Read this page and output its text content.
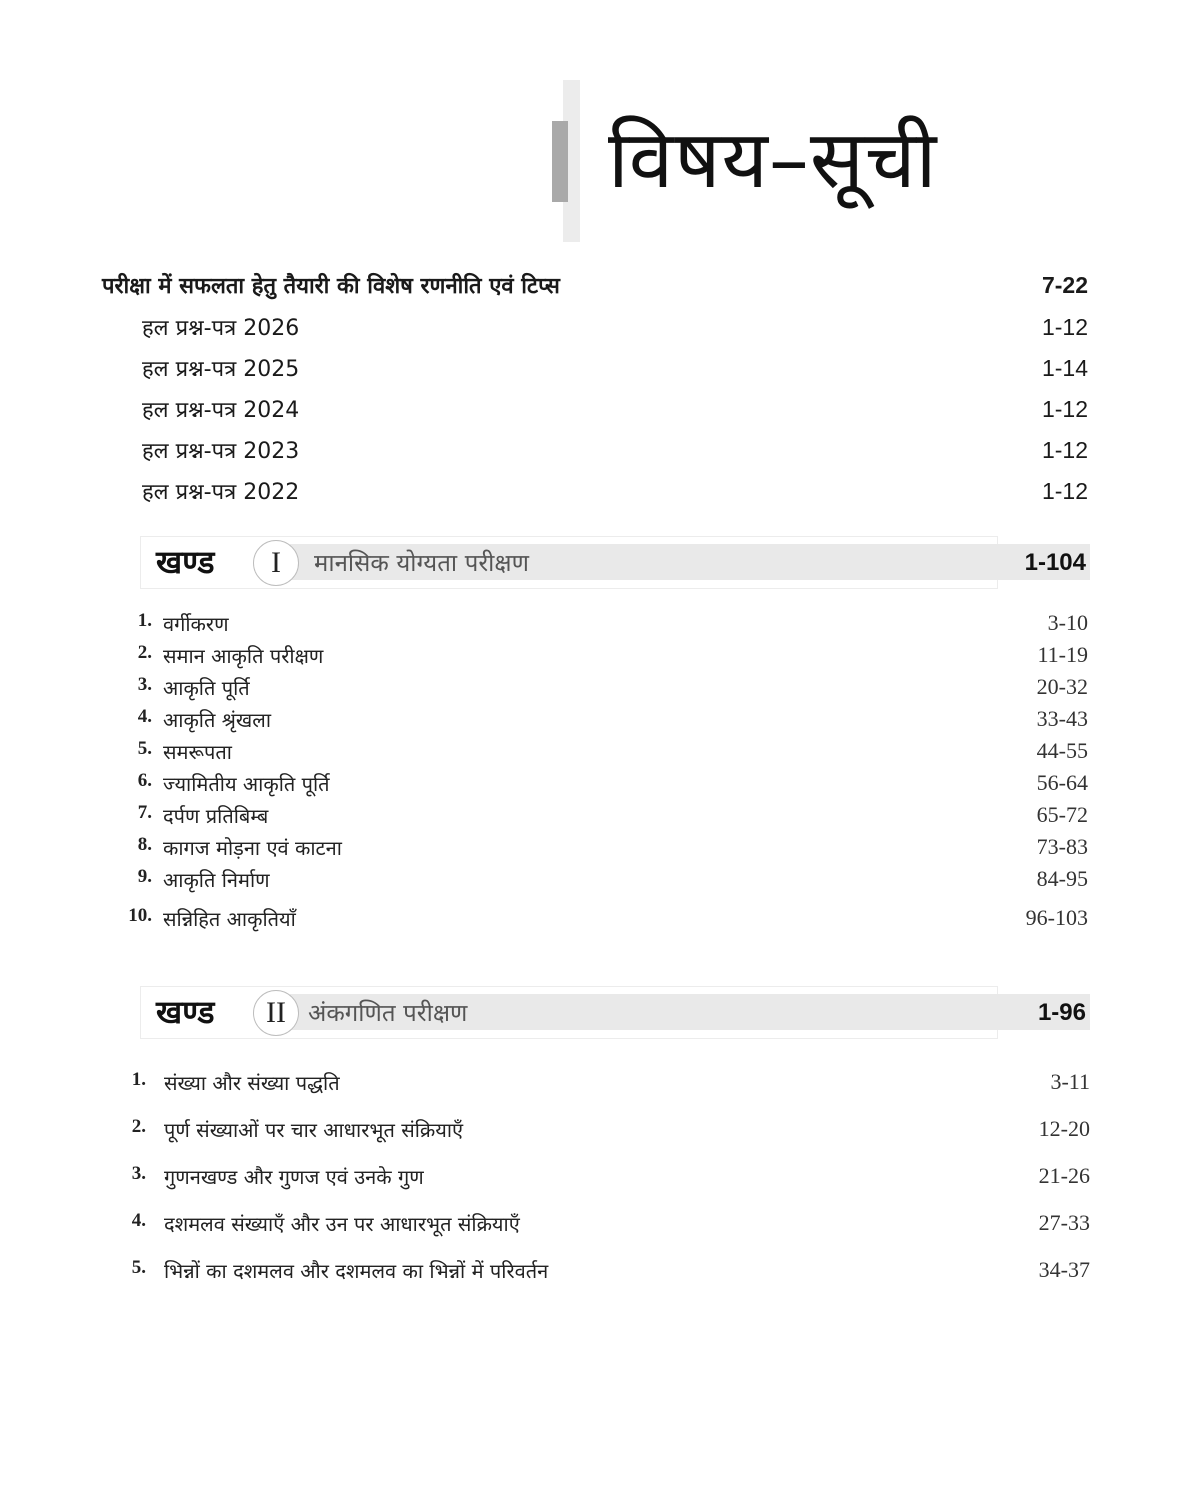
विषय–सूची
परीक्षा में सफलता हेतु तैयारी की विशेष रणनीति एवं टिप्स	7-22
हल प्रश्न-पत्र 2026	1-12
हल प्रश्न-पत्र 2025	1-14
हल प्रश्न-पत्र 2024	1-12
हल प्रश्न-पत्र 2023	1-12
हल प्रश्न-पत्र 2022	1-12
खण्ड I मानसिक योग्यता परीक्षण	1-104
1. वर्गीकरण	3-10
2. समान आकृति परीक्षण	11-19
3. आकृति पूर्ति	20-32
4. आकृति श्रृंखला	33-43
5. समरूपता	44-55
6. ज्यामितीय आकृति पूर्ति	56-64
7. दर्पण प्रतिबिम्ब	65-72
8. कागज मोड़ना एवं काटना	73-83
9. आकृति निर्माण	84-95
10. सन्निहित आकृतियाँ	96-103
खण्ड II अंकगणित परीक्षण	1-96
1. संख्या और संख्या पद्धति	3-11
2. पूर्ण संख्याओं पर चार आधारभूत संक्रियाएँ	12-20
3. गुणनखण्ड और गुणज एवं उनके गुण	21-26
4. दशमलव संख्याएँ और उन पर आधारभूत संक्रियाएँ	27-33
5. भिन्नों का दशमलव और दशमलव का भिन्नों में परिवर्तन	34-37
